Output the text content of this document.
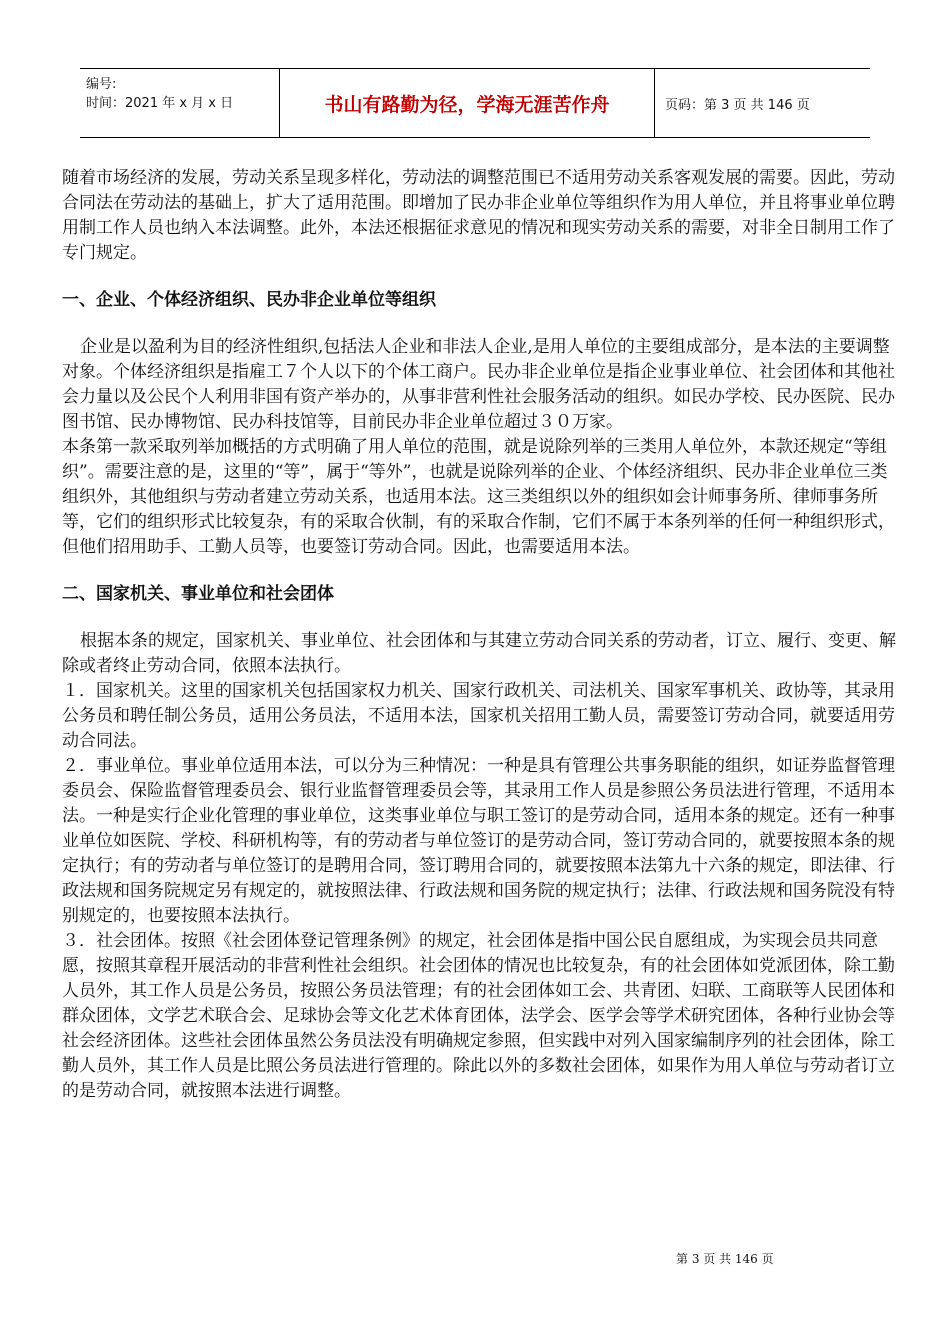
编号:
时间：2021 年 x 月 x 日	书山有路勤为径，学海无涯苦作舟	页码：第 3 页 共 146 页

随着市场经济的发展，劳动关系呈现多样化，劳动法的调整范围已不适用劳动关系客观发展的需要。因此，劳动合同法在劳动法的基础上，扩大了适用范围。即增加了民办非企业单位等组织作为用人单位，并且将事业单位聘用制工作人员也纳入本法调整。此外，本法还根据征求意见的情况和现实劳动关系的需要，对非全日制用工作了专门规定。

一、企业、个体经济组织、民办非企业单位等组织

企业是以盈利为目的经济性组织,包括法人企业和非法人企业,是用人单位的主要组成部分，是本法的主要调整对象。个体经济组织是指雇工７个人以下的个体工商户。民办非企业单位是指企业事业单位、社会团体和其他社会力量以及公民个人利用非国有资产举办的，从事非营利性社会服务活动的组织。如民办学校、民办医院、民办图书馆、民办博物馆、民办科技馆等，目前民办非企业单位超过３０万家。

本条第一款采取列举加概括的方式明确了用人单位的范围，就是说除列举的三类用人单位外，本款还规定“等组织”。需要注意的是，这里的“等”，属于“等外”，也就是说除列举的企业、个体经济组织、民办非企业单位三类组织外，其他组织与劳动者建立劳动关系，也适用本法。这三类组织以外的组织如会计师事务所、律师事务所等，它们的组织形式比较复杂，有的采取合伙制，有的采取合作制，它们不属于本条列举的任何一种组织形式，但他们招用助手、工勤人员等，也要签订劳动合同。因此，也需要适用本法。

二、国家机关、事业单位和社会团体

根据本条的规定，国家机关、事业单位、社会团体和与其建立劳动合同关系的劳动者，订立、履行、变更、解除或者终止劳动合同，依照本法执行。

１．国家机关。这里的国家机关包括国家权力机关、国家行政机关、司法机关、国家军事机关、政协等，其录用公务员和聘任制公务员，适用公务员法，不适用本法，国家机关招用工勤人员，需要签订劳动合同，就要适用劳动合同法。

２．事业单位。事业单位适用本法，可以分为三种情况：一种是具有管理公共事务职能的组织，如证券监督管理委员会、保险监督管理委员会、银行业监督管理委员会等，其录用工作人员是参照公务员法进行管理，不适用本法。一种是实行企业化管理的事业单位，这类事业单位与职工签订的是劳动合同，适用本条的规定。还有一种事业单位如医院、学校、科研机构等，有的劳动者与单位签订的是劳动合同，签订劳动合同的，就要按照本条的规定执行；有的劳动者与单位签订的是聘用合同，签订聘用合同的，就要按照本法第九十六条的规定，即法律、行政法规和国务院规定另有规定的，就按照法律、行政法规和国务院的规定执行；法律、行政法规和国务院没有特别规定的，也要按照本法执行。

３．社会团体。按照《社会团体登记管理条例》的规定，社会团体是指中国公民自愿组成，为实现会员共同意愿，按照其章程开展活动的非营利性社会组织。社会团体的情况也比较复杂，有的社会团体如党派团体，除工勤人员外，其工作人员是公务员，按照公务员法管理；有的社会团体如工会、共青团、妇联、工商联等人民团体和群众团体，文学艺术联合会、足球协会等文化艺术体育团体，法学会、医学会等学术研究团体，各种行业协会等社会经济团体。这些社会团体虽然公务员法没有明确规定参照，但实践中对列入国家编制序列的社会团体，除工勤人员外，其工作人员是比照公务员法进行管理的。除此以外的多数社会团体，如果作为用人单位与劳动者订立的是劳动合同，就按照本法进行调整。

第 3 页 共 146 页
